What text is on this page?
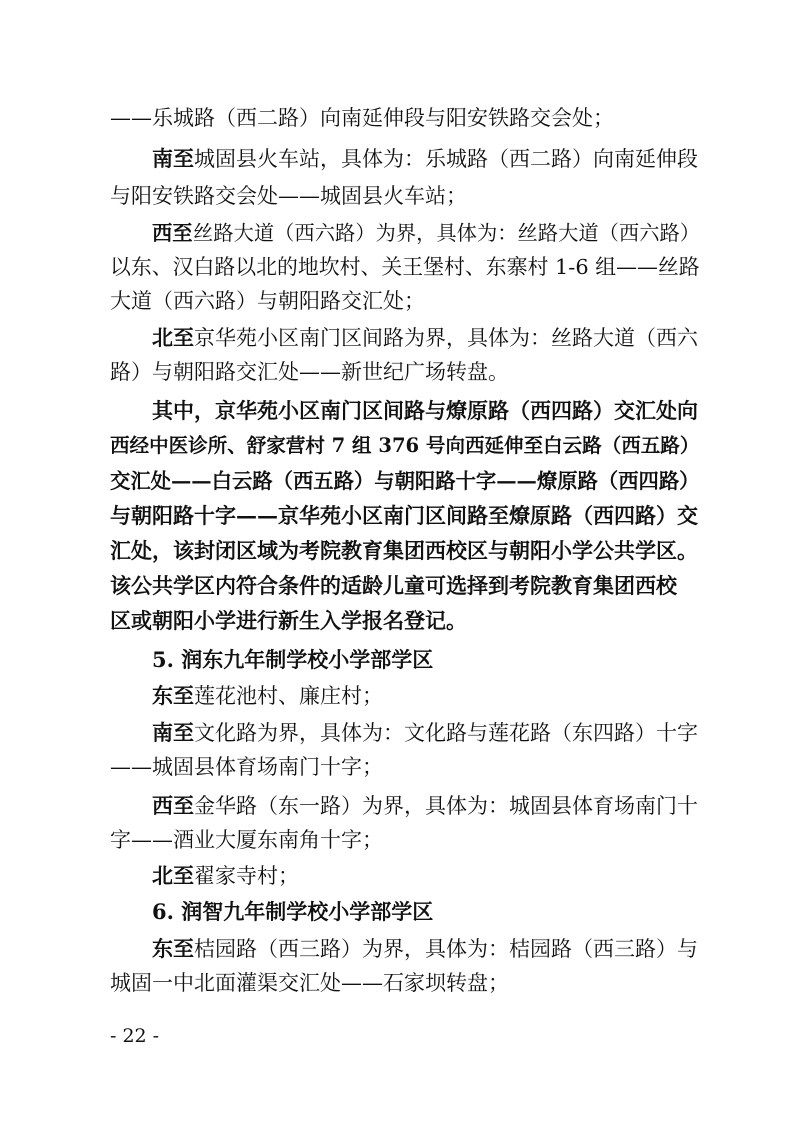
——乐城路（西二路）向南延伸段与阳安铁路交会处；
南至 城固县火车站，具体为：乐城路（西二路）向南延伸段
与阳安铁路交会处——城固县火车站；
西至 丝路大道（西六路）为界，具体为：丝路大道（西六路）
以东、汉白路以北的地坎村、关王堡村、东寨村 1-6 组——丝路
大道（西六路）与朝阳路交汇处；
北至 京华苑小区南门区间路为界，具体为：丝路大道（西六
路）与朝阳路交汇处——新世纪广场转盘。
其中，京华苑小区南门区间路与燎原路（西四路）交汇处向
西经中医诊所、舒家营村 7 组 376 号向西延伸至白云路（西五路）
交汇处——白云路（西五路）与朝阳路十字——燎原路（西四路）
与朝阳路十字——京华苑小区南门区间路至燎原路（西四路）交
汇处，该封闭区域为考院教育集团西校区与朝阳小学公共学区。
该公共学区内符合条件的适龄儿童可选择到考院教育集团西校
区或朝阳小学进行新生入学报名登记。
5. 润东九年制学校小学部学区
东至 莲花池村、廉庄村；
南至 文化路为界，具体为：文化路与莲花路（东四路）十字
——城固县体育场南门十字；
西至 金华路（东一路）为界，具体为：城固县体育场南门十
字——酒业大厦东南角十字；
北至 翟家寺村；
6. 润智九年制学校小学部学区
东至 桔园路（西三路）为界，具体为：桔园路（西三路）与
城固一中北面灌渠交汇处——石家坝转盘；
- 22 -
